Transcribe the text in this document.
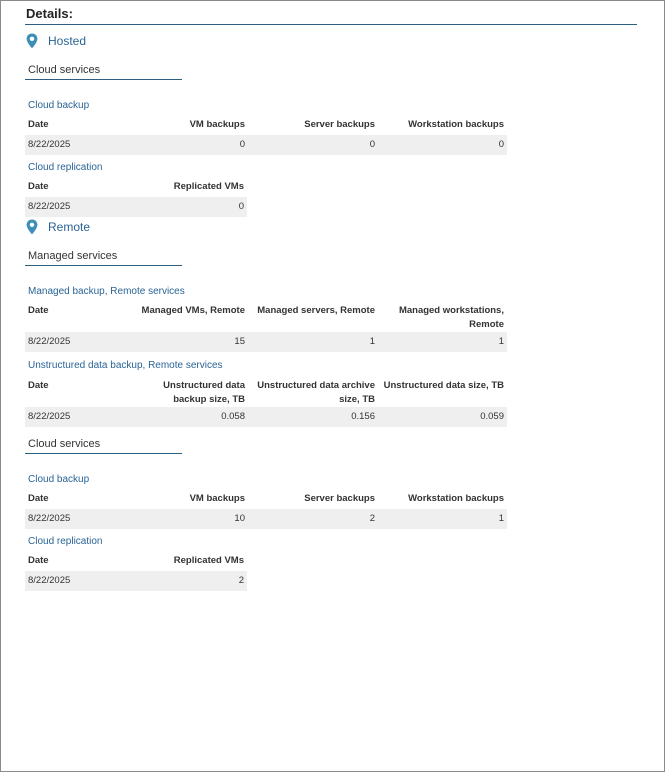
Details:
Hosted
Cloud services
Cloud backup
Date	VM backups	Server backups	Workstation backups
8/22/2025	0	0	0
Cloud replication
Date	Replicated VMs
8/22/2025	0
Remote
Managed services
Managed backup, Remote services
Date	Managed VMs, Remote	Managed servers, Remote	Managed workstations, Remote
8/22/2025	15	1	1
Unstructured data backup, Remote services
Date	Unstructured data backup size, TB	Unstructured data archive size, TB	Unstructured data size, TB
8/22/2025	0.058	0.156	0.059
Cloud services
Cloud backup
Date	VM backups	Server backups	Workstation backups
8/22/2025	10	2	1
Cloud replication
Date	Replicated VMs
8/22/2025	2
